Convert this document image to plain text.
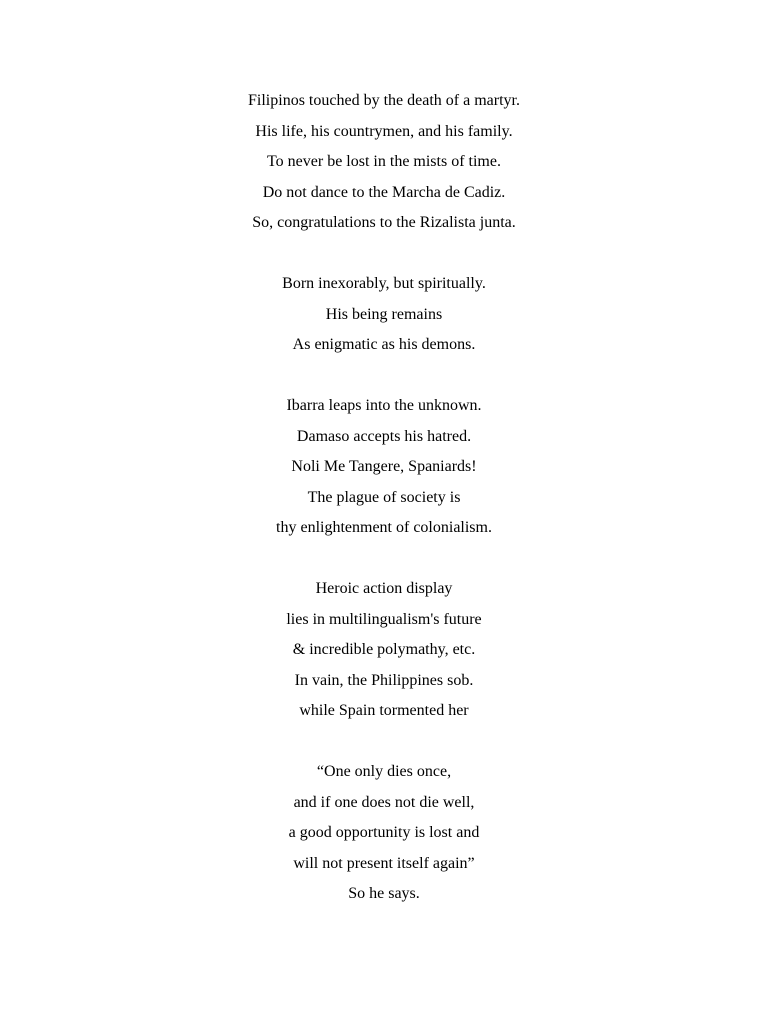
Filipinos touched by the death of a martyr.
His life, his countrymen, and his family.
To never be lost in the mists of time.
Do not dance to the Marcha de Cadiz.
So, congratulations to the Rizalista junta.
Born inexorably, but spiritually.
His being remains
As enigmatic as his demons.
Ibarra leaps into the unknown.
Damaso accepts his hatred.
Noli Me Tangere, Spaniards!
The plague of society is
thy enlightenment of colonialism.
Heroic action display
lies in multilingualism's future
& incredible polymathy, etc.
In vain, the Philippines sob.
while Spain tormented her
“One only dies once,
and if one does not die well,
a good opportunity is lost and
will not present itself again”
So he says.
